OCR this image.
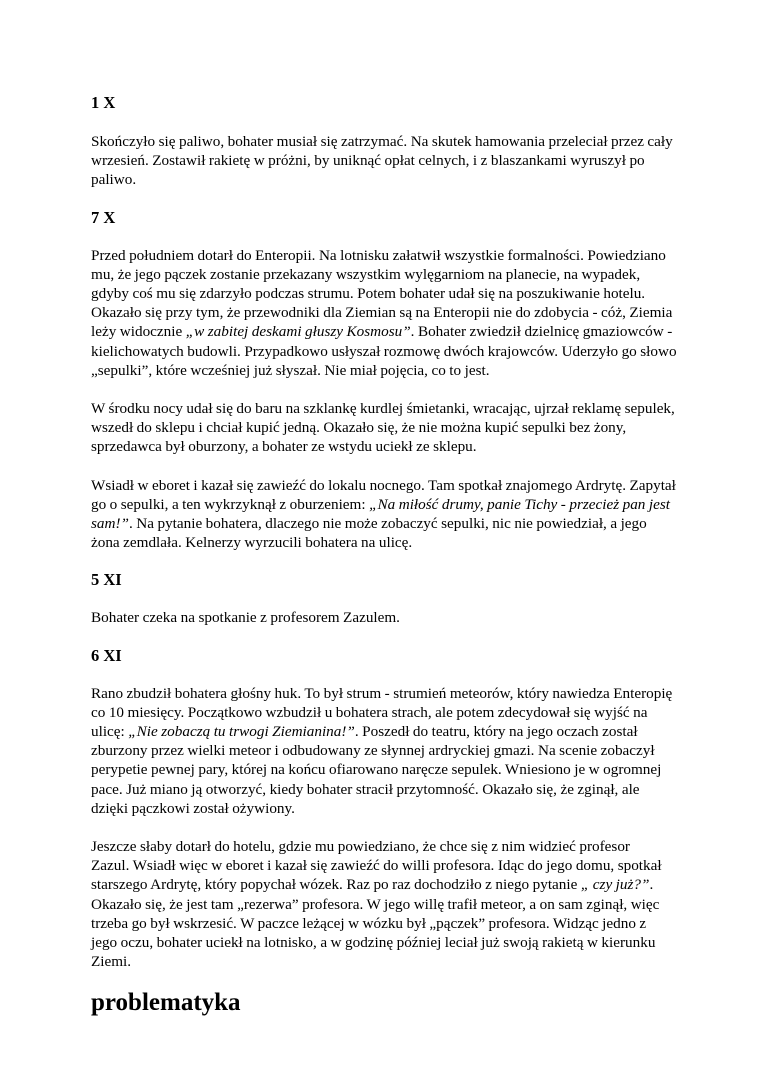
1 X

Skończyło się paliwo, bohater musiał się zatrzymać. Na skutek hamowania przeleciał przez cały wrzesień. Zostawił rakietę w próżni, by uniknąć opłat celnych, i z blaszankami wyruszył po paliwo.

7 X

Przed południem dotarł do Enteropii. Na lotnisku załatwił wszystkie formalności. Powiedziano mu, że jego pączek zostanie przekazany wszystkim wylęgarniom na planecie, na wypadek, gdyby coś mu się zdarzyło podczas strumu. Potem bohater udał się na poszukiwanie hotelu. Okazało się przy tym, że przewodniki dla Ziemian są na Enteropii nie do zdobycia - cóż, Ziemia leży widocznie „w zabitej deskami głuszy Kosmosu”. Bohater zwiedził dzielnicę gmaziowców - kielichowatych budowli. Przypadkowo usłyszał rozmowę dwóch krajowców. Uderzyło go słowo „sepulki”, które wcześniej już słyszał. Nie miał pojęcia, co to jest.

W środku nocy udał się do baru na szklankę kurdlej śmietanki, wracając, ujrzał reklamę sepulek, wszedł do sklepu i chciał kupić jedną. Okazało się, że nie można kupić sepulki bez żony, sprzedawca był oburzony, a bohater ze wstydu uciekł ze sklepu.

Wsiadł w eboret i kazał się zawieźć do lokalu nocnego. Tam spotkał znajomego Ardrytę. Zapytał go o sepulki, a ten wykrzyknął z oburzeniem: „Na miłość drumy, panie Tichy - przecież pan jest sam!”. Na pytanie bohatera, dlaczego nie może zobaczyć sepulki, nic nie powiedział, a jego żona zemdlała. Kelnerzy wyrzucili bohatera na ulicę.

5 XI

Bohater czeka na spotkanie z profesorem Zazulem.

6 XI

Rano zbudził bohatera głośny huk. To był strum - strumień meteorów, który nawiedza Enteropię co 10 miesięcy. Początkowo wzbudził u bohatera strach, ale potem zdecydował się wyjść na ulicę: „Nie zobaczą tu trwogi Ziemianina!”. Poszedł do teatru, który na jego oczach został zburzony przez wielki meteor i odbudowany ze słynnej ardryckiej gmazi. Na scenie zobaczył perypetie pewnej pary, której na końcu ofiarowano naręcze sepulek. Wniesiono je w ogromnej pace. Już miano ją otworzyć, kiedy bohater stracił przytomność. Okazało się, że zginął, ale dzięki pączkowi został ożywiony.

Jeszcze słaby dotarł do hotelu, gdzie mu powiedziano, że chce się z nim widzieć profesor Zazul. Wsiadł więc w eboret i kazał się zawieźć do willi profesora. Idąc do jego domu, spotkał starszego Ardrytę, który popychał wózek. Raz po raz dochodziło z niego pytanie „ czy już?”. Okazało się, że jest tam „rezerwa” profesora. W jego willę trafił meteor, a on sam zginął, więc trzeba go był wskrzesić. W paczce leżącej w wózku był „pączek” profesora. Widząc jedno z jego oczu, bohater uciekł na lotnisko, a w godzinę później leciał już swoją rakietą w kierunku Ziemi.

problematyka
